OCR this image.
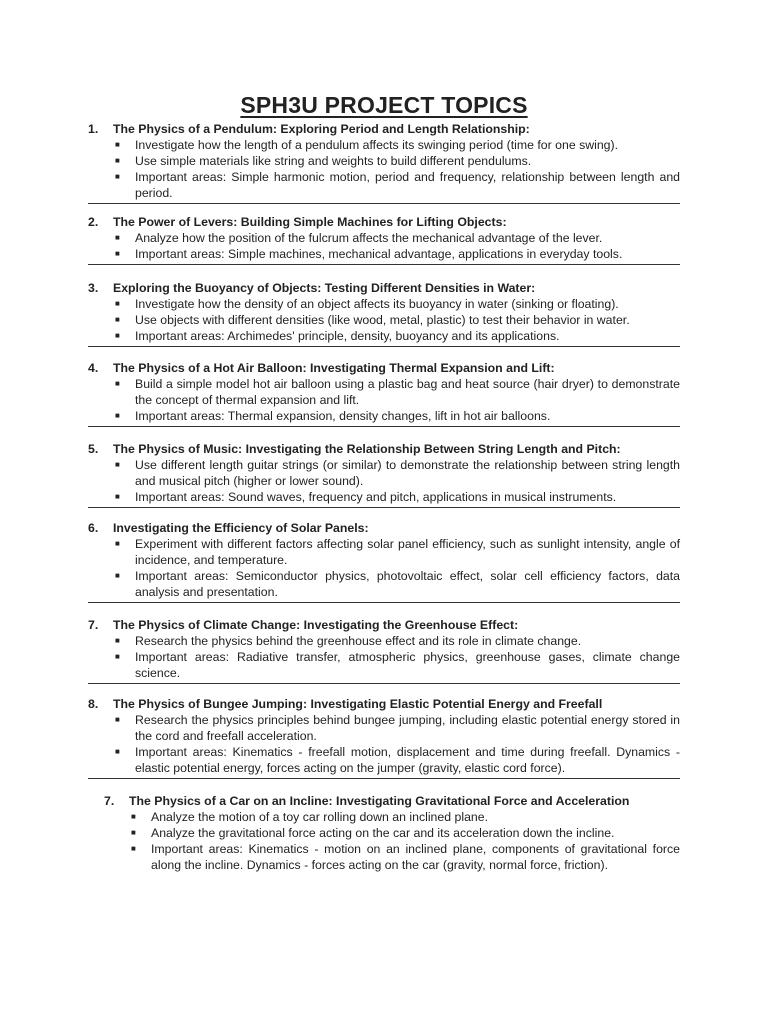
SPH3U PROJECT TOPICS
1. The Physics of a Pendulum: Exploring Period and Length Relationship:
■ Investigate how the length of a pendulum affects its swinging period (time for one swing).
■ Use simple materials like string and weights to build different pendulums.
■ Important areas: Simple harmonic motion, period and frequency, relationship between length and period.
2. The Power of Levers: Building Simple Machines for Lifting Objects:
■ Analyze how the position of the fulcrum affects the mechanical advantage of the lever.
■ Important areas: Simple machines, mechanical advantage, applications in everyday tools.
3. Exploring the Buoyancy of Objects: Testing Different Densities in Water:
■ Investigate how the density of an object affects its buoyancy in water (sinking or floating).
■ Use objects with different densities (like wood, metal, plastic) to test their behavior in water.
■ Important areas: Archimedes' principle, density, buoyancy and its applications.
4. The Physics of a Hot Air Balloon: Investigating Thermal Expansion and Lift:
■ Build a simple model hot air balloon using a plastic bag and heat source (hair dryer) to demonstrate the concept of thermal expansion and lift.
■ Important areas: Thermal expansion, density changes, lift in hot air balloons.
5. The Physics of Music: Investigating the Relationship Between String Length and Pitch:
■ Use different length guitar strings (or similar) to demonstrate the relationship between string length and musical pitch (higher or lower sound).
■ Important areas: Sound waves, frequency and pitch, applications in musical instruments.
6. Investigating the Efficiency of Solar Panels:
■ Experiment with different factors affecting solar panel efficiency, such as sunlight intensity, angle of incidence, and temperature.
■ Important areas: Semiconductor physics, photovoltaic effect, solar cell efficiency factors, data analysis and presentation.
7. The Physics of Climate Change: Investigating the Greenhouse Effect:
■ Research the physics behind the greenhouse effect and its role in climate change.
■ Important areas: Radiative transfer, atmospheric physics, greenhouse gases, climate change science.
8. The Physics of Bungee Jumping: Investigating Elastic Potential Energy and Freefall
■ Research the physics principles behind bungee jumping, including elastic potential energy stored in the cord and freefall acceleration.
■ Important areas: Kinematics - freefall motion, displacement and time during freefall. Dynamics - elastic potential energy, forces acting on the jumper (gravity, elastic cord force).
7. The Physics of a Car on an Incline: Investigating Gravitational Force and Acceleration
■ Analyze the motion of a toy car rolling down an inclined plane.
■ Analyze the gravitational force acting on the car and its acceleration down the incline.
■ Important areas: Kinematics - motion on an inclined plane, components of gravitational force along the incline. Dynamics - forces acting on the car (gravity, normal force, friction).
